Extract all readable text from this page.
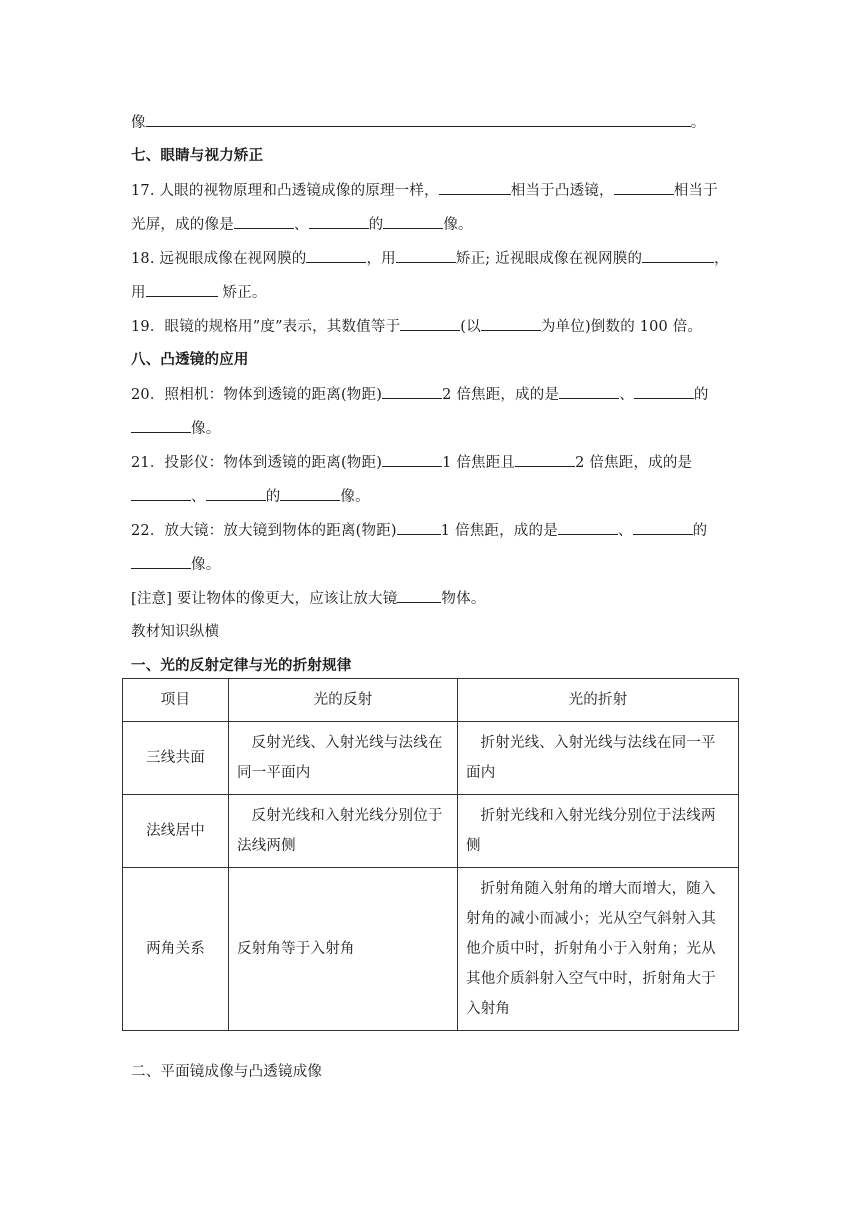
像	。
七、眼睛与视力矫正
17. 人眼的视物原理和凸透镜成像的原理一样，	相当于凸透镜，	相当于
光屏，成的像是	、	的	像。
18. 远视眼成像在视网膜的	，用	矫正; 近视眼成像在视网膜的	，
用	矫正。
19．眼镜的规格用”度”表示，其数值等于	(以	为单位)倒数的 100 倍。
八、凸透镜的应用
20．照相机：物体到透镜的距离(物距)	2 倍焦距，成的是	、	的
像。
21．投影仪：物体到透镜的距离(物距)	1 倍焦距且	2 倍焦距，成的是
、	的	像。
22．放大镜：放大镜到物体的距离(物距)	1 倍焦距，成的是	、	的
像。
[注意] 要让物体的像更大，应该让放大镜	物体。
教材知识纵横
一、光的反射定律与光的折射规律
项目	光的反射	光的折射
三线共面	反射光线、入射光线与法线在同一平面内	折射光线、入射光线与法线在同一平面内
法线居中	反射光线和入射光线分别位于法线两侧	折射光线和入射光线分别位于法线两侧
两角关系	反射角等于入射角	折射角随入射角的增大而增大，随入射角的减小而减小；光从空气斜射入其他介质中时，折射角小于入射角；光从其他介质斜射入空气中时，折射角大于入射角
二、平面镜成像与凸透镜成像
